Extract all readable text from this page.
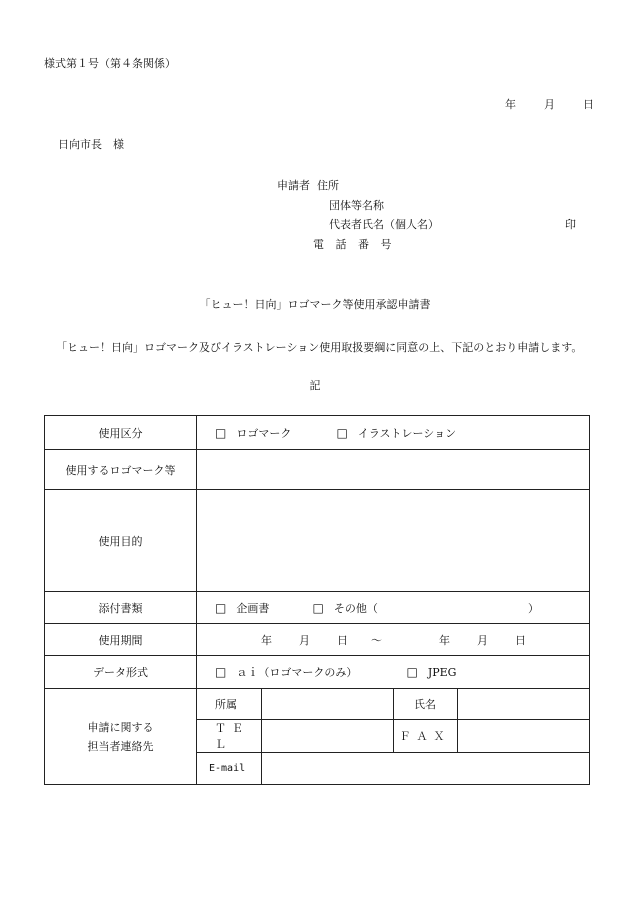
様式第１号（第４条関係）
年	月	日
日向市長　様
申請者 住所
団体等名称
代表者氏名（個人名）	印
電 話 番 号
「ヒュー！日向」ロゴマーク等使用承認申請書
「ヒュー！日向」ロゴマーク及びイラストレーション使用取扱要綱に同意の上、下記のとおり申請します。
記
使用区分	□ ロゴマーク	□ イラストレーション
使用するロゴマーク等	
使用目的	
添付書類	□ 企画書	□ その他（	）
使用期間	年 月 日 ～	年 月 日
データ形式	□ ａｉ（ロゴマークのみ）	□ JPEG
申請に関する
担当者連絡先	
所属		氏名	
ＴＥＬ		ＦＡＸ	
E-mail	
